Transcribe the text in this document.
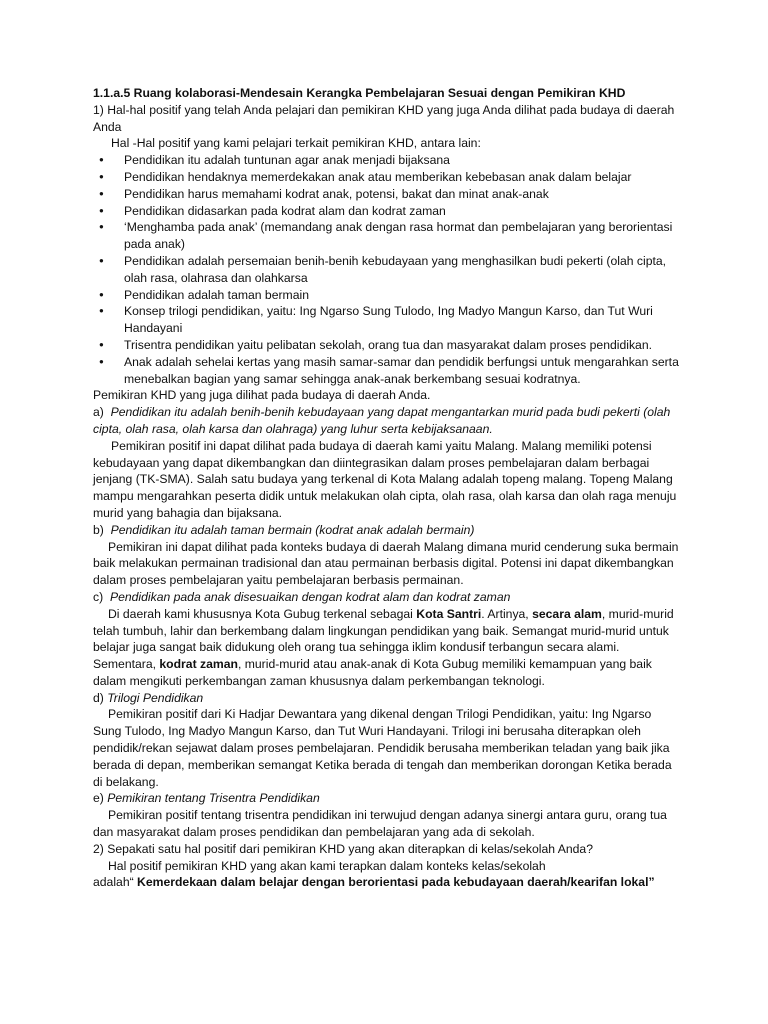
1.1.a.5 Ruang kolaborasi-Mendesain Kerangka Pembelajaran Sesuai dengan Pemikiran KHD

1) Hal-hal positif yang telah Anda pelajari dan pemikiran KHD yang juga Anda dilihat pada budaya di daerah Anda

Hal -Hal positif yang kami pelajari terkait pemikiran KHD, antara lain:

● Pendidikan itu adalah tuntunan agar anak menjadi bijaksana
● Pendidikan hendaknya memerdekakan anak atau memberikan kebebasan anak dalam belajar
● Pendidikan harus memahami kodrat anak, potensi, bakat dan minat anak-anak
● Pendidikan didasarkan pada kodrat alam dan kodrat zaman
● ‘Menghamba pada anak’ (memandang anak dengan rasa hormat dan pembelajaran yang berorientasi pada anak)
● Pendidikan adalah persemaian benih-benih kebudayaan yang menghasilkan budi pekerti (olah cipta, olah rasa, olahrasa dan olahkarsa
● Pendidikan adalah taman bermain
● Konsep trilogi pendidikan, yaitu: Ing Ngarso Sung Tulodo, Ing Madyo Mangun Karso, dan Tut Wuri Handayani
● Trisentra pendidikan yaitu pelibatan sekolah, orang tua dan masyarakat dalam proses pendidikan.
● Anak adalah sehelai kertas yang masih samar-samar dan pendidik berfungsi untuk mengarahkan serta menebalkan bagian yang samar sehingga anak-anak berkembang sesuai kodratnya.

Pemikiran KHD yang juga dilihat pada budaya di daerah Anda.

a) Pendidikan itu adalah benih-benih kebudayaan yang dapat mengantarkan murid pada budi pekerti (olah cipta, olah rasa, olah karsa dan olahraga) yang luhur serta kebijaksanaan.

Pemikiran positif ini dapat dilihat pada budaya di daerah kami yaitu Malang. Malang memiliki potensi kebudayaan yang dapat dikembangkan dan diintegrasikan dalam proses pembelajaran dalam berbagai jenjang (TK-SMA). Salah satu budaya yang terkenal di Kota Malang adalah topeng malang. Topeng Malang mampu mengarahkan peserta didik untuk melakukan olah cipta, olah rasa, olah karsa dan olah raga menuju murid yang bahagia dan bijaksana.

b) Pendidikan itu adalah taman bermain (kodrat anak adalah bermain)

Pemikiran ini dapat dilihat pada konteks budaya di daerah Malang dimana murid cenderung suka bermain baik melakukan permainan tradisional dan atau permainan berbasis digital. Potensi ini dapat dikembangkan dalam proses pembelajaran yaitu pembelajaran berbasis permainan.

c) Pendidikan pada anak disesuaikan dengan kodrat alam dan kodrat zaman

Di daerah kami khususnya Kota Gubug terkenal sebagai Kota Santri. Artinya, secara alam, murid-murid telah tumbuh, lahir dan berkembang dalam lingkungan pendidikan yang baik. Semangat murid-murid untuk belajar juga sangat baik didukung oleh orang tua sehingga iklim kondusif terbangun secara alami. Sementara, kodrat zaman, murid-murid atau anak-anak di Kota Gubug memiliki kemampuan yang baik dalam mengikuti perkembangan zaman khususnya dalam perkembangan teknologi.

d) Trilogi Pendidikan

Pemikiran positif dari Ki Hadjar Dewantara yang dikenal dengan Trilogi Pendidikan, yaitu: Ing Ngarso Sung Tulodo, Ing Madyo Mangun Karso, dan Tut Wuri Handayani. Trilogi ini berusaha diterapkan oleh pendidik/rekan sejawat dalam proses pembelajaran. Pendidik berusaha memberikan teladan yang baik jika berada di depan, memberikan semangat Ketika berada di tengah dan memberikan dorongan Ketika berada di belakang.

e) Pemikiran tentang Trisentra Pendidikan

Pemikiran positif tentang trisentra pendidikan ini terwujud dengan adanya sinergi antara guru, orang tua dan masyarakat dalam proses pendidikan dan pembelajaran yang ada di sekolah.

2) Sepakati satu hal positif dari pemikiran KHD yang akan diterapkan di kelas/sekolah Anda?

Hal positif pemikiran KHD yang akan kami terapkan dalam konteks kelas/sekolah

adalah“ Kemerdekaan dalam belajar dengan berorientasi pada kebudayaan daerah/kearifan lokal”
